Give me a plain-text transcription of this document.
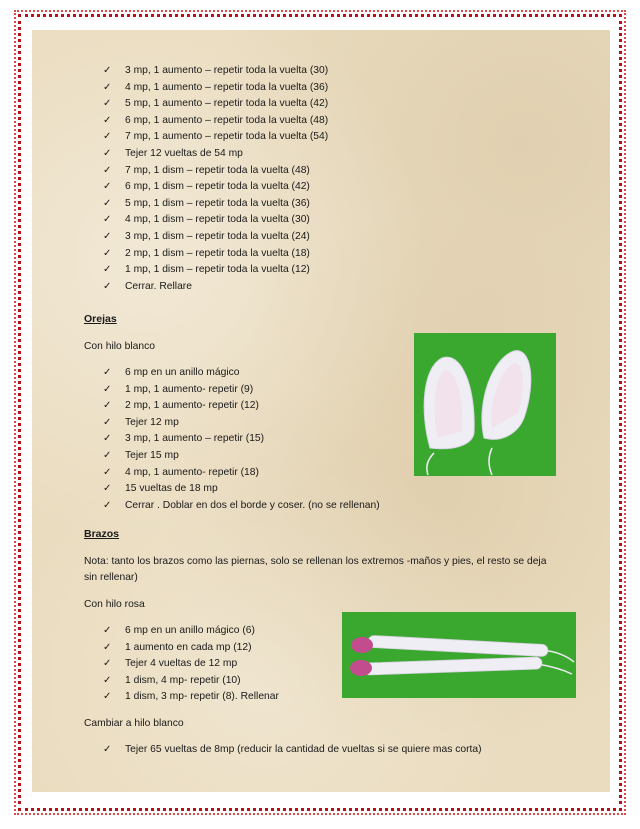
✓ 3 mp, 1 aumento – repetir toda la vuelta (30)
✓ 4 mp, 1 aumento – repetir toda la vuelta (36)
✓ 5 mp, 1 aumento – repetir toda la vuelta (42)
✓ 6 mp, 1 aumento – repetir toda la vuelta (48)
✓ 7 mp, 1 aumento – repetir toda la vuelta (54)
✓ Tejer 12 vueltas de 54 mp
✓ 7 mp, 1 dism – repetir toda la vuelta (48)
✓ 6 mp, 1 dism – repetir toda la vuelta (42)
✓ 5 mp, 1 dism – repetir toda la vuelta (36)
✓ 4 mp, 1 dism – repetir toda la vuelta (30)
✓ 3 mp, 1 dism – repetir toda la vuelta (24)
✓ 2 mp, 1 dism – repetir toda la vuelta (18)
✓ 1 mp, 1 dism – repetir toda la vuelta (12)
✓ Cerrar. Rellare
Orejas
Con hilo blanco
✓ 6 mp en un anillo mágico
✓ 1 mp, 1 aumento- repetir (9)
✓ 2 mp, 1 aumento- repetir (12)
✓ Tejer 12 mp
✓ 3 mp, 1 aumento – repetir (15)
✓ Tejer 15 mp
✓ 4 mp, 1 aumento- repetir (18)
✓ 15 vueltas de 18 mp
✓ Cerrar . Doblar en dos el borde y coser. (no se rellenan)
Brazos
Nota: tanto los brazos como las piernas, solo se rellenan los extremos -maños y pies, el resto se deja sin rellenar)
Con hilo rosa
✓ 6 mp en un anillo mágico (6)
✓ 1 aumento en cada mp (12)
✓ Tejer 4 vueltas de 12 mp
✓ 1 dism, 4 mp- repetir (10)
✓ 1 dism, 3 mp- repetir (8). Rellenar
Cambiar a hilo blanco
✓ Tejer 65 vueltas de 8mp (reducir la cantidad de vueltas si se quiere mas corta)
